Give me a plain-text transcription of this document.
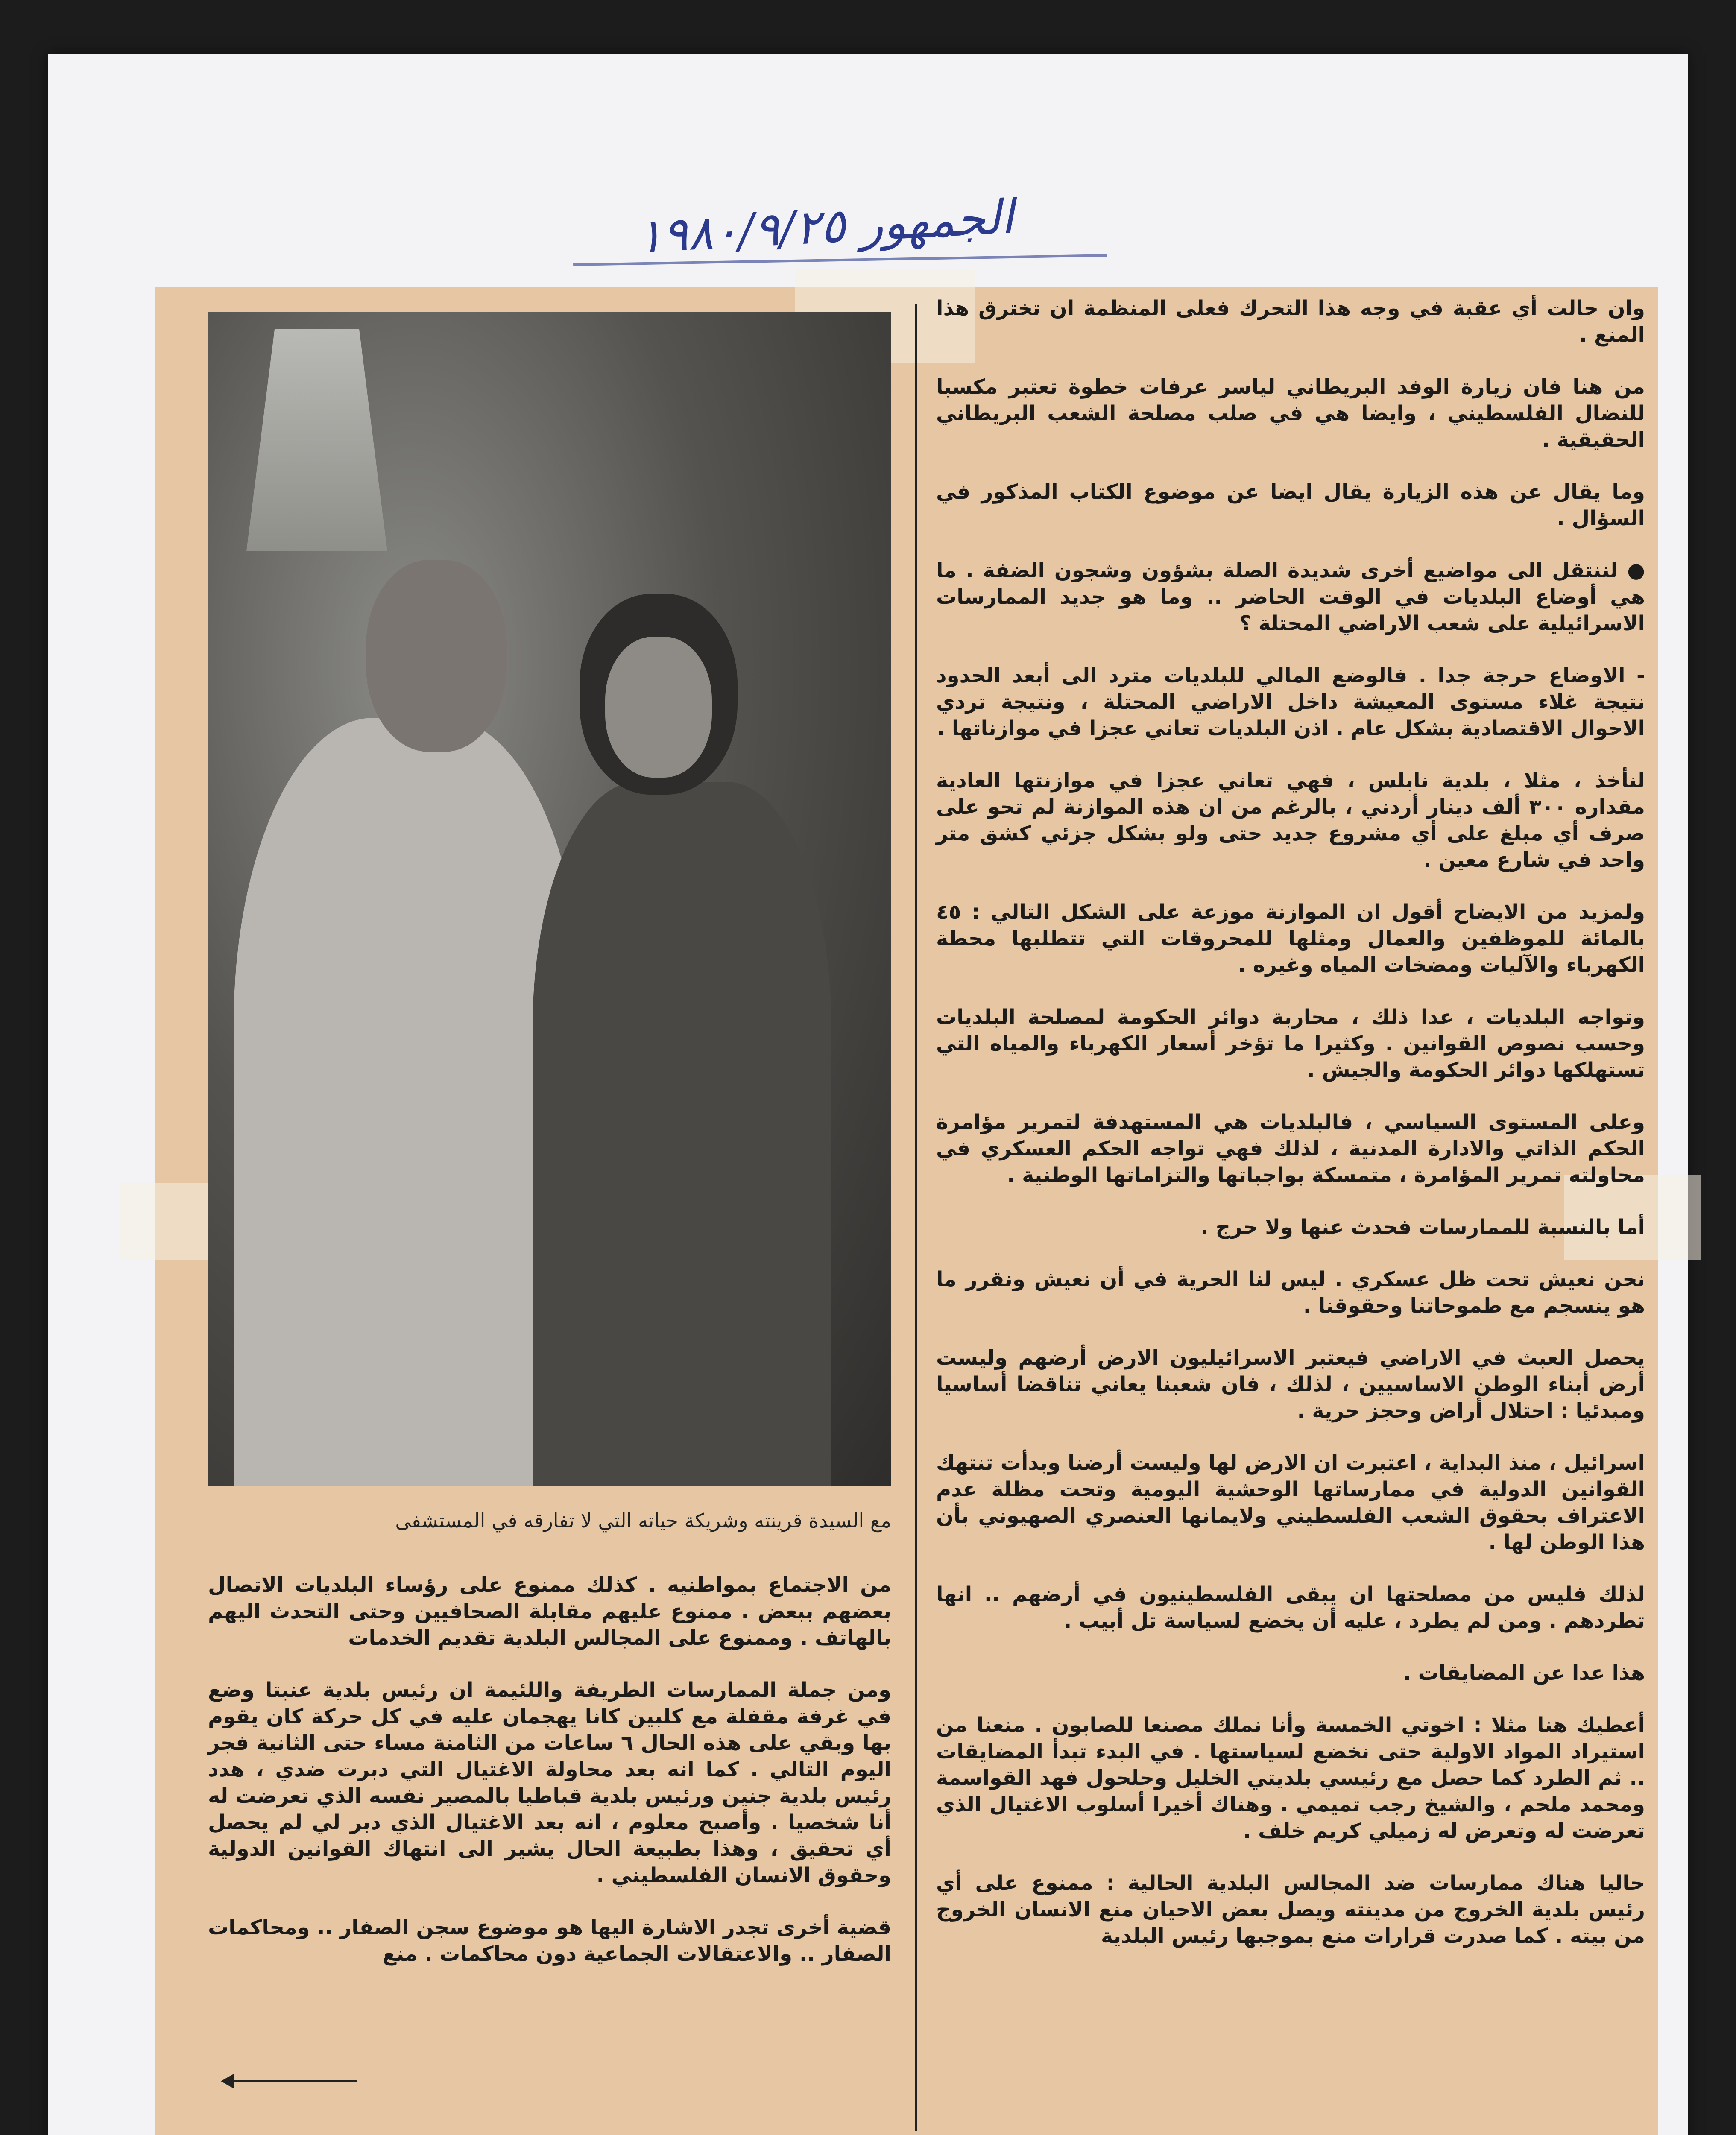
الجمهور ١٩٨٠/٩/٢٥
مع السيدة قرينته وشريكة حياته التي لا تفارقه في المستشفى

وان حالت أي عقبة في وجه هذا التحرك فعلى المنظمة ان تخترق هذا المنع .

من هنا فان زيارة الوفد البريطاني لياسر عرفات خطوة تعتبر مكسبا للنضال الفلسطيني ، وايضا هي في صلب مصلحة الشعب البريطاني الحقيقية .

وما يقال عن هذه الزيارة يقال ايضا عن موضوع الكتاب المذكور في السؤال .

● لننتقل الى مواضيع أخرى شديدة الصلة بشؤون وشجون الضفة . ما هي أوضاع البلديات في الوقت الحاضر .. وما هو جديد الممارسات الاسرائيلية على شعب الاراضي المحتلة ؟

- الاوضاع حرجة جدا . فالوضع المالي للبلديات مترد الى أبعد الحدود نتيجة غلاء مستوى المعيشة داخل الاراضي المحتلة ، ونتيجة تردي الاحوال الاقتصادية بشكل عام . اذن البلديات تعاني عجزا في موازناتها .

لنأخذ ، مثلا ، بلدية نابلس ، فهي تعاني عجزا في موازنتها العادية مقداره ٣٠٠ ألف دينار أردني ، بالرغم من ان هذه الموازنة لم تحو على صرف أي مبلغ على أي مشروع جديد حتى ولو بشكل جزئي كشق متر واحد في شارع معين .

ولمزيد من الايضاح أقول ان الموازنة موزعة على الشكل التالي : ٤٥ بالمائة للموظفين والعمال ومثلها للمحروقات التي تتطلبها محطة الكهرباء والآليات ومضخات المياه وغيره .

وتواجه البلديات ، عدا ذلك ، محاربة دوائر الحكومة لمصلحة البلديات وحسب نصوص القوانين . وكثيرا ما تؤخر أسعار الكهرباء والمياه التي تستهلكها دوائر الحكومة والجيش .

وعلى المستوى السياسي ، فالبلديات هي المستهدفة لتمرير مؤامرة الحكم الذاتي والادارة المدنية ، لذلك فهي تواجه الحكم العسكري في محاولته تمرير المؤامرة ، متمسكة بواجباتها والتزاماتها الوطنية .

أما بالنسبة للممارسات فحدث عنها ولا حرج .

نحن نعيش تحت ظل عسكري . ليس لنا الحرية في أن نعيش ونقرر ما هو ينسجم مع طموحاتنا وحقوقنا .

يحصل العبث في الاراضي فيعتبر الاسرائيليون الارض أرضهم وليست أرض أبناء الوطن الاساسيين ، لذلك ، فان شعبنا يعاني تناقضا أساسيا ومبدئيا : احتلال أراض وحجز حرية .

اسرائيل ، منذ البداية ، اعتبرت ان الارض لها وليست أرضنا وبدأت تنتهك القوانين الدولية في ممارساتها الوحشية اليومية وتحت مظلة عدم الاعتراف بحقوق الشعب الفلسطيني ولايمانها العنصري الصهيوني بأن هذا الوطن لها .

لذلك فليس من مصلحتها ان يبقى الفلسطينيون في أرضهم .. انها تطردهم . ومن لم يطرد ، عليه أن يخضع لسياسة تل أبيب .

هذا عدا عن المضايقات .

أعطيك هنا مثلا : اخوتي الخمسة وأنا نملك مصنعا للصابون . منعنا من استيراد المواد الاولية حتى نخضع لسياستها . في البدء تبدأ المضايقات .. ثم الطرد كما حصل مع رئيسي بلديتي الخليل وحلحول فهد القواسمة ومحمد ملحم ، والشيخ رجب تميمي . وهناك أخيرا أسلوب الاغتيال الذي تعرضت له وتعرض له زميلي كريم خلف .

حاليا هناك ممارسات ضد المجالس البلدية الحالية : ممنوع على أي رئيس بلدية الخروج من مدينته ويصل بعض الاحيان منع الانسان الخروج من بيته . كما صدرت قرارات منع بموجبها رئيس البلدية

من الاجتماع بمواطنيه . كذلك ممنوع على رؤساء البلديات الاتصال بعضهم ببعض . ممنوع عليهم مقابلة الصحافيين وحتى التحدث اليهم بالهاتف . وممنوع على المجالس البلدية تقديم الخدمات

ومن جملة الممارسات الطريفة واللئيمة ان رئيس بلدية عنبتا وضع في غرفة مقفلة مع كلبين كانا يهجمان عليه في كل حركة كان يقوم بها وبقي على هذه الحال ٦ ساعات من الثامنة مساء حتى الثانية فجر اليوم التالي . كما انه بعد محاولة الاغتيال التي دبرت ضدي ، هدد رئيس بلدية جنين ورئيس بلدية قباطيا بالمصير نفسه الذي تعرضت له أنا شخصيا . وأصبح معلوم ، انه بعد الاغتيال الذي دبر لي لم يحصل أي تحقيق ، وهذا بطبيعة الحال يشير الى انتهاك القوانين الدولية وحقوق الانسان الفلسطيني .

قضية أخرى تجدر الاشارة اليها هو موضوع سجن الصفار .. ومحاكمات الصفار .. والاعتقالات الجماعية دون محاكمات . منع
